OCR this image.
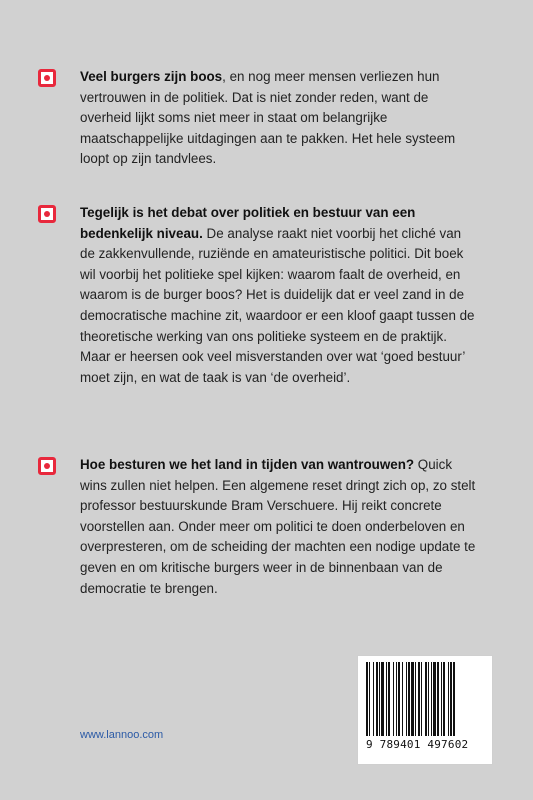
Veel burgers zijn boos, en nog meer mensen verliezen hun vertrouwen in de politiek. Dat is niet zonder reden, want de overheid lijkt soms niet meer in staat om belangrijke maatschappelijke uitdagingen aan te pakken. Het hele systeem loopt op zijn tandvlees.
Tegelijk is het debat over politiek en bestuur van een bedenkelijk niveau. De analyse raakt niet voorbij het cliché van de zakkenvullende, ruziënde en amateuristische politici. Dit boek wil voorbij het politieke spel kijken: waarom faalt de overheid, en waarom is de burger boos? Het is duidelijk dat er veel zand in de democratische machine zit, waardoor er een kloof gaapt tussen de theoretische werking van ons politieke systeem en de praktijk. Maar er heersen ook veel misverstanden over wat ‘goed bestuur’ moet zijn, en wat de taak is van ‘de overheid’.
Hoe besturen we het land in tijden van wantrouwen? Quick wins zullen niet helpen. Een algemene reset dringt zich op, zo stelt professor bestuurskunde Bram Verschuere. Hij reikt concrete voorstellen aan. Onder meer om politici te doen onderbeloven en overpresteren, om de scheiding der machten een nodige update te geven en om kritische burgers weer in de binnenbaan van de democratie te brengen.
www.lannoo.com
9 789401 497602
